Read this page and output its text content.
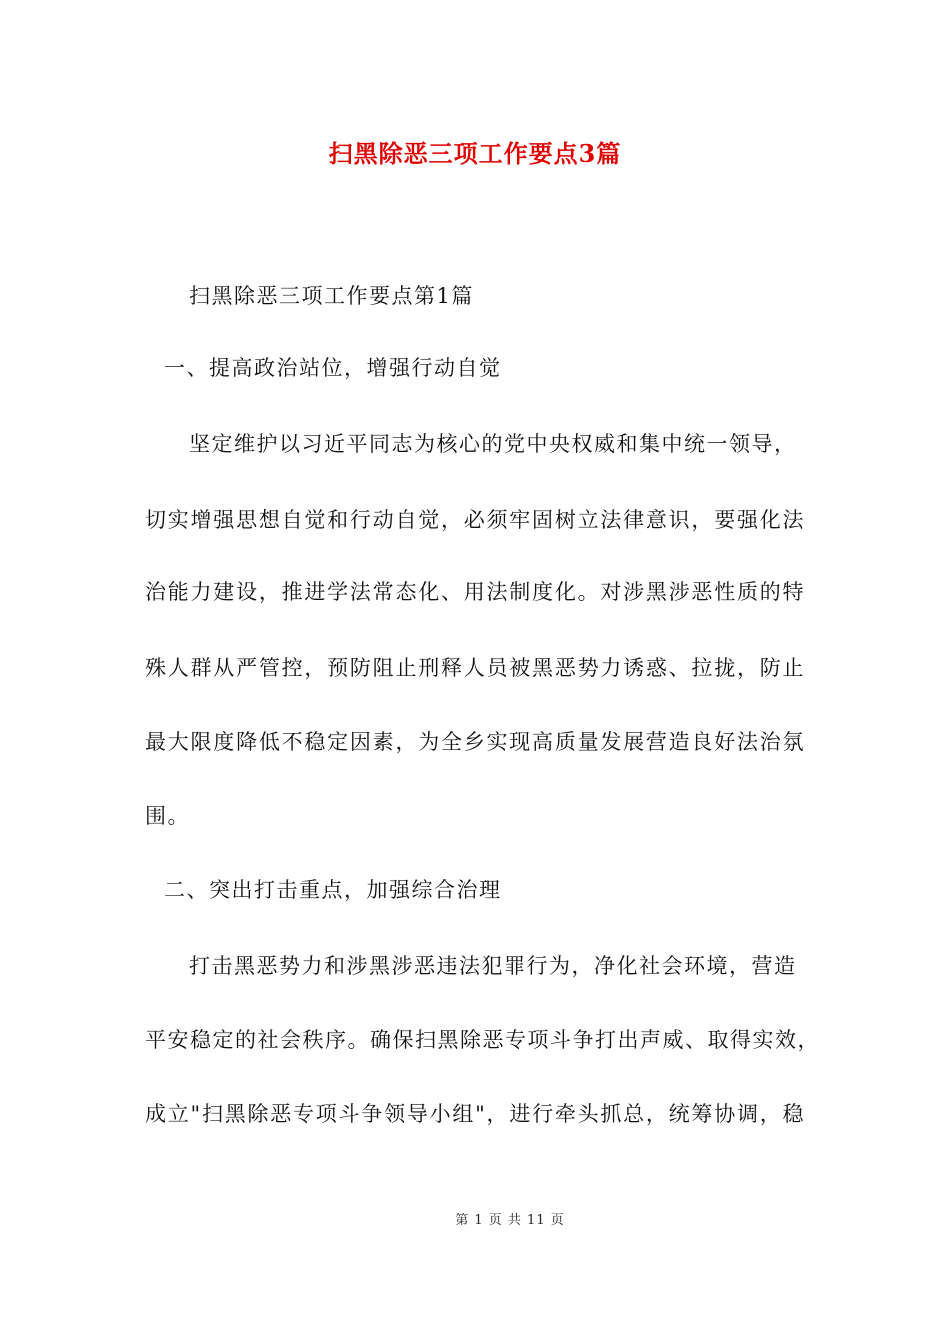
扫黑除恶三项工作要点3篇
扫黑除恶三项工作要点第1篇
一、提高政治站位，增强行动自觉
坚定维护以习近平同志为核心的党中央权威和集中统一领导，
切实增强思想自觉和行动自觉，必须牢固树立法律意识，要强化法
治能力建设，推进学法常态化、用法制度化。对涉黑涉恶性质的特
殊人群从严管控，预防阻止刑释人员被黑恶势力诱惑、拉拢，防止
最大限度降低不稳定因素，为全乡实现高质量发展营造良好法治氛
围。
二、突出打击重点，加强综合治理
打击黑恶势力和涉黑涉恶违法犯罪行为，净化社会环境，营造
平安稳定的社会秩序。确保扫黑除恶专项斗争打出声威、取得实效，
成立"扫黑除恶专项斗争领导小组"，进行牵头抓总，统筹协调，稳
第 1 页 共 11 页
